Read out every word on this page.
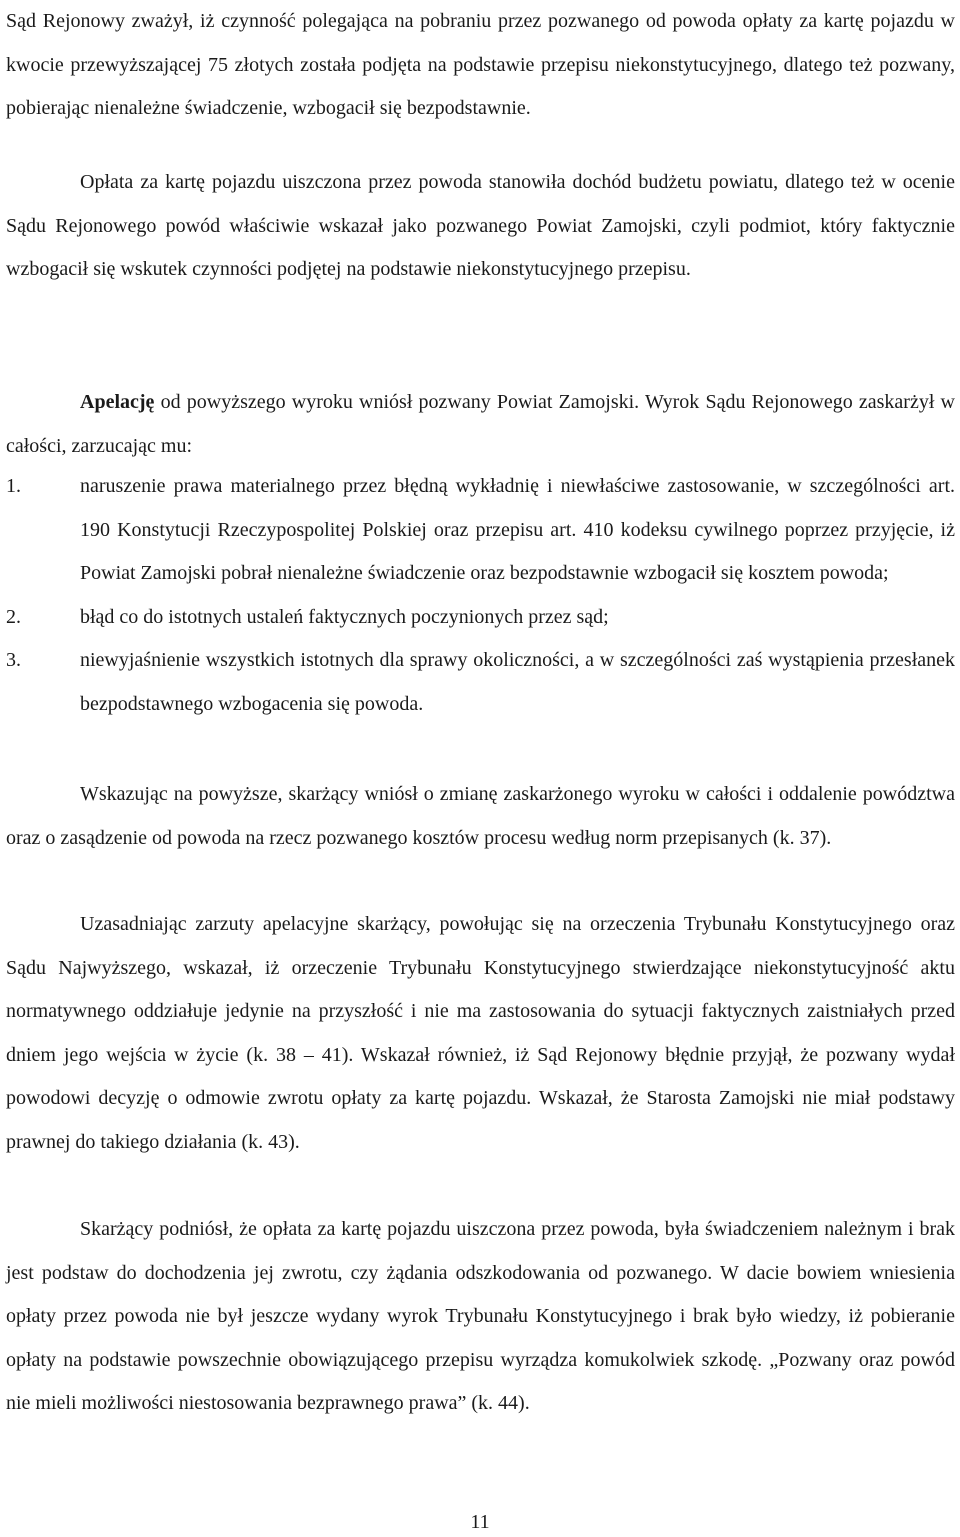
Sąd Rejonowy zważył, iż czynność polegająca na pobraniu przez pozwanego od powoda opłaty za kartę pojazdu w kwocie przewyższającej 75 złotych została podjęta na podstawie przepisu niekonstytucyjnego, dlatego też pozwany, pobierając nienależne świadczenie, wzbogacił się bezpodstawnie.

Opłata za kartę pojazdu uiszczona przez powoda stanowiła dochód budżetu powiatu, dlatego też w ocenie Sądu Rejonowego powód właściwie wskazał jako pozwanego Powiat Zamojski, czyli podmiot, który faktycznie wzbogacił się wskutek czynności podjętej na podstawie niekonstytucyjnego przepisu.

Apelację od powyższego wyroku wniósł pozwany Powiat Zamojski. Wyrok Sądu Rejonowego zaskarżył w całości, zarzucając mu:

1.	naruszenie prawa materialnego przez błędną wykładnię i niewłaściwe zastosowanie, w szczególności art. 190 Konstytucji Rzeczypospolitej Polskiej oraz przepisu art. 410 kodeksu cywilnego poprzez przyjęcie, iż Powiat Zamojski pobrał nienależne świadczenie oraz bezpodstawnie wzbogacił się kosztem powoda;
2.	błąd co do istotnych ustaleń faktycznych poczynionych przez sąd;
3.	niewyjaśnienie wszystkich istotnych dla sprawy okoliczności, a w szczególności zaś wystąpienia przesłanek bezpodstawnego wzbogacenia się powoda.

Wskazując na powyższe, skarżący wniósł o zmianę zaskarżonego wyroku w całości i oddalenie powództwa oraz o zasądzenie od powoda na rzecz pozwanego kosztów procesu według norm przepisanych (k. 37).

Uzasadniając zarzuty apelacyjne skarżący, powołując się na orzeczenia Trybunału Konstytucyjnego oraz Sądu Najwyższego, wskazał, iż orzeczenie Trybunału Konstytucyjnego stwierdzające niekonstytucyjność aktu normatywnego oddziałuje jedynie na przyszłość i nie ma zastosowania do sytuacji faktycznych zaistniałych przed dniem jego wejścia w życie (k. 38 – 41). Wskazał również, iż Sąd Rejonowy błędnie przyjął, że pozwany wydał powodowi decyzję o odmowie zwrotu opłaty za kartę pojazdu. Wskazał, że Starosta Zamojski nie miał podstawy prawnej do takiego działania (k. 43).

Skarżący podniósł, że opłata za kartę pojazdu uiszczona przez powoda, była świadczeniem należnym i brak jest podstaw do dochodzenia jej zwrotu, czy żądania odszkodowania od pozwanego. W dacie bowiem wniesienia opłaty przez powoda nie był jeszcze wydany wyrok Trybunału Konstytucyjnego i brak było wiedzy, iż pobieranie opłaty na podstawie powszechnie obowiązującego przepisu wyrządza komukolwiek szkodę. „Pozwany oraz powód nie mieli możliwości niestosowania bezprawnego prawa” (k. 44).

11
